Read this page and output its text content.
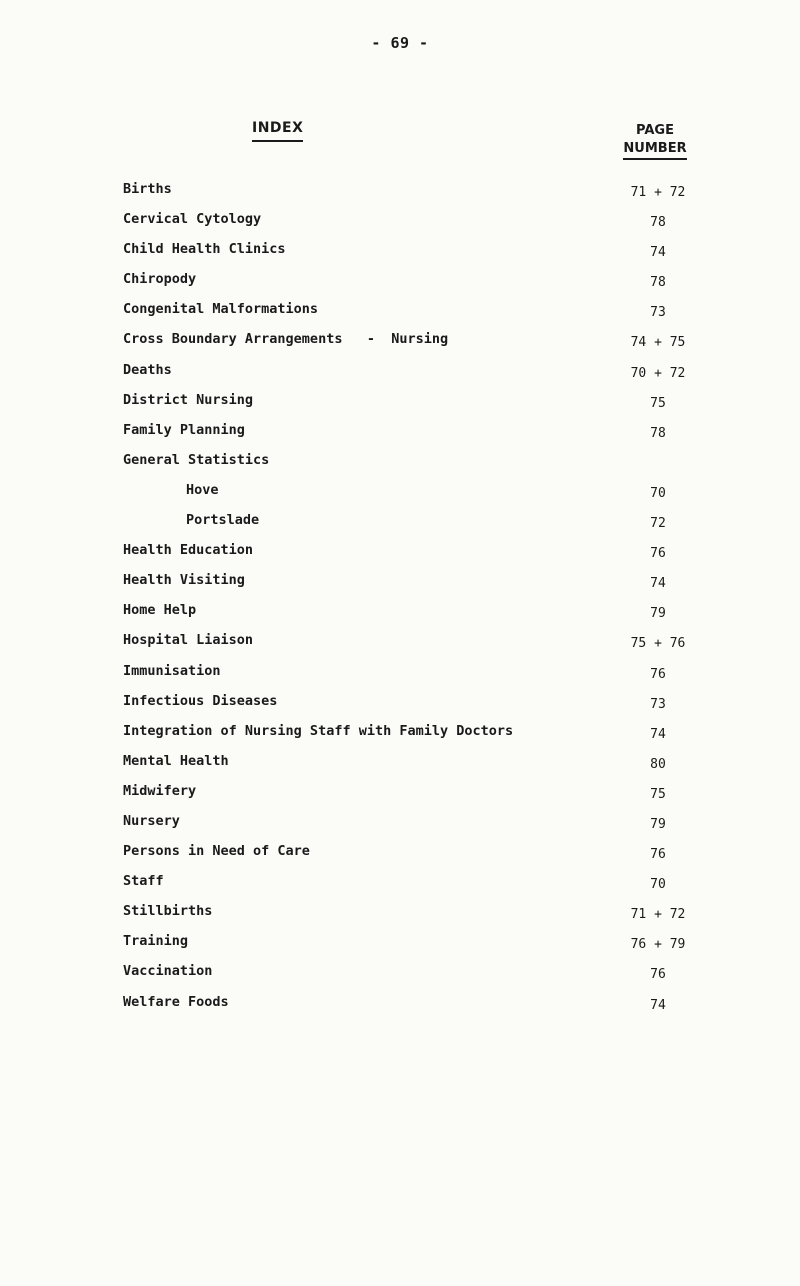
- 69 -
INDEX	PAGE
NUMBER
Births	71 + 72
Cervical Cytology	78
Child Health Clinics	74
Chiropody	78
Congenital Malformations	73
Cross Boundary Arrangements   -  Nursing	74 + 75
Deaths	70 + 72
District Nursing	75
Family Planning	78
General Statistics
Hove	70
Portslade	72
Health Education	76
Health Visiting	74
Home Help	79
Hospital Liaison	75 + 76
Immunisation	76
Infectious Diseases	73
Integration of Nursing Staff with Family Doctors	74
Mental Health	80
Midwifery	75
Nursery	79
Persons in Need of Care	76
Staff	70
Stillbirths	71 + 72
Training	76 + 79
Vaccination	76
Welfare Foods	74
